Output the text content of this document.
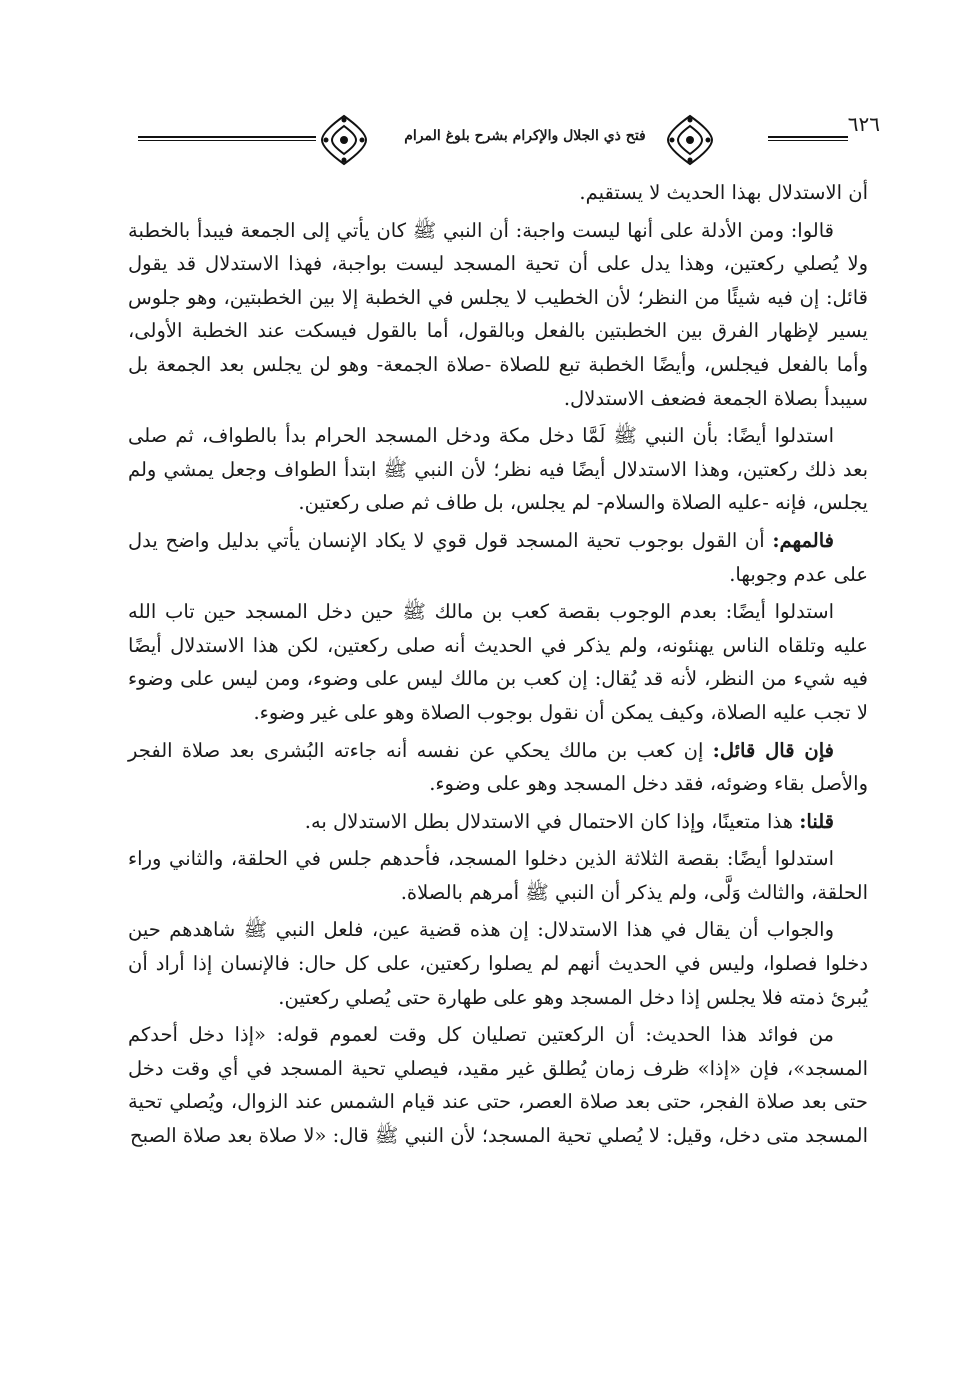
٦٢٦
فتح ذي الجلال والإكرام بشرح بلوغ المرام

أن الاستدلال بهذا الحديث لا يستقيم.

قالوا: ومن الأدلة على أنها ليست واجبة: أن النبي ﷺ كان يأتي إلى الجمعة فيبدأ بالخطبة ولا يُصلي ركعتين، وهذا يدل على أن تحية المسجد ليست بواجبة، فهذا الاستدلال قد يقول قائل: إن فيه شيئًا من النظر؛ لأن الخطيب لا يجلس في الخطبة إلا بين الخطبتين، وهو جلوس يسير لإظهار الفرق بين الخطبتين بالفعل وبالقول، أما بالقول فيسكت عند الخطبة الأولى، وأما بالفعل فيجلس، وأيضًا الخطبة تبع للصلاة -صلاة الجمعة- وهو لن يجلس بعد الجمعة بل سيبدأ بصلاة الجمعة فضعف الاستدلال.

استدلوا أيضًا: بأن النبي ﷺ لَمَّا دخل مكة ودخل المسجد الحرام بدأ بالطواف، ثم صلى بعد ذلك ركعتين، وهذا الاستدلال أيضًا فيه نظر؛ لأن النبي ﷺ ابتدأ الطواف وجعل يمشي ولم يجلس، فإنه -عليه الصلاة والسلام- لم يجلس، بل طاف ثم صلى ركعتين.

فالمهم: أن القول بوجوب تحية المسجد قول قوي لا يكاد الإنسان يأتي بدليل واضح يدل على عدم وجوبها.

استدلوا أيضًا: بعدم الوجوب بقصة كعب بن مالك ﷺ حين دخل المسجد حين تاب الله عليه وتلقاه الناس يهنئونه، ولم يذكر في الحديث أنه صلى ركعتين، لكن هذا الاستدلال أيضًا فيه شيء من النظر، لأنه قد يُقال: إن كعب بن مالك ليس على وضوء، ومن ليس على وضوء لا تجب عليه الصلاة، وكيف يمكن أن نقول بوجوب الصلاة وهو على غير وضوء.

فإن قال قائل: إن كعب بن مالك يحكي عن نفسه أنه جاءته البُشرى بعد صلاة الفجر والأصل بقاء وضوئه، فقد دخل المسجد وهو على وضوء.

قلنا: هذا متعينًا، وإذا كان الاحتمال في الاستدلال بطل الاستدلال به.

استدلوا أيضًا: بقصة الثلاثة الذين دخلوا المسجد، فأحدهم جلس في الحلقة، والثاني وراء الحلقة، والثالث وَلَّى، ولم يذكر أن النبي ﷺ أمرهم بالصلاة.

والجواب أن يقال في هذا الاستدلال: إن هذه قضية عين، فلعل النبي ﷺ شاهدهم حين دخلوا فصلوا، وليس في الحديث أنهم لم يصلوا ركعتين، على كل حال: فالإنسان إذا أراد أن يُبرئ ذمته فلا يجلس إذا دخل المسجد وهو على طهارة حتى يُصلي ركعتين.

من فوائد هذا الحديث: أن الركعتين تصليان كل وقت لعموم قوله: «إذا دخل أحدكم المسجد»، فإن «إذا» ظرف زمان يُطلق غير مقيد، فيصلي تحية المسجد في أي وقت دخل حتى بعد صلاة الفجر، حتى بعد صلاة العصر، حتى عند قيام الشمس عند الزوال، ويُصلي تحية المسجد متى دخل، وقيل: لا يُصلي تحية المسجد؛ لأن النبي ﷺ قال: «لا صلاة بعد صلاة الصبح
